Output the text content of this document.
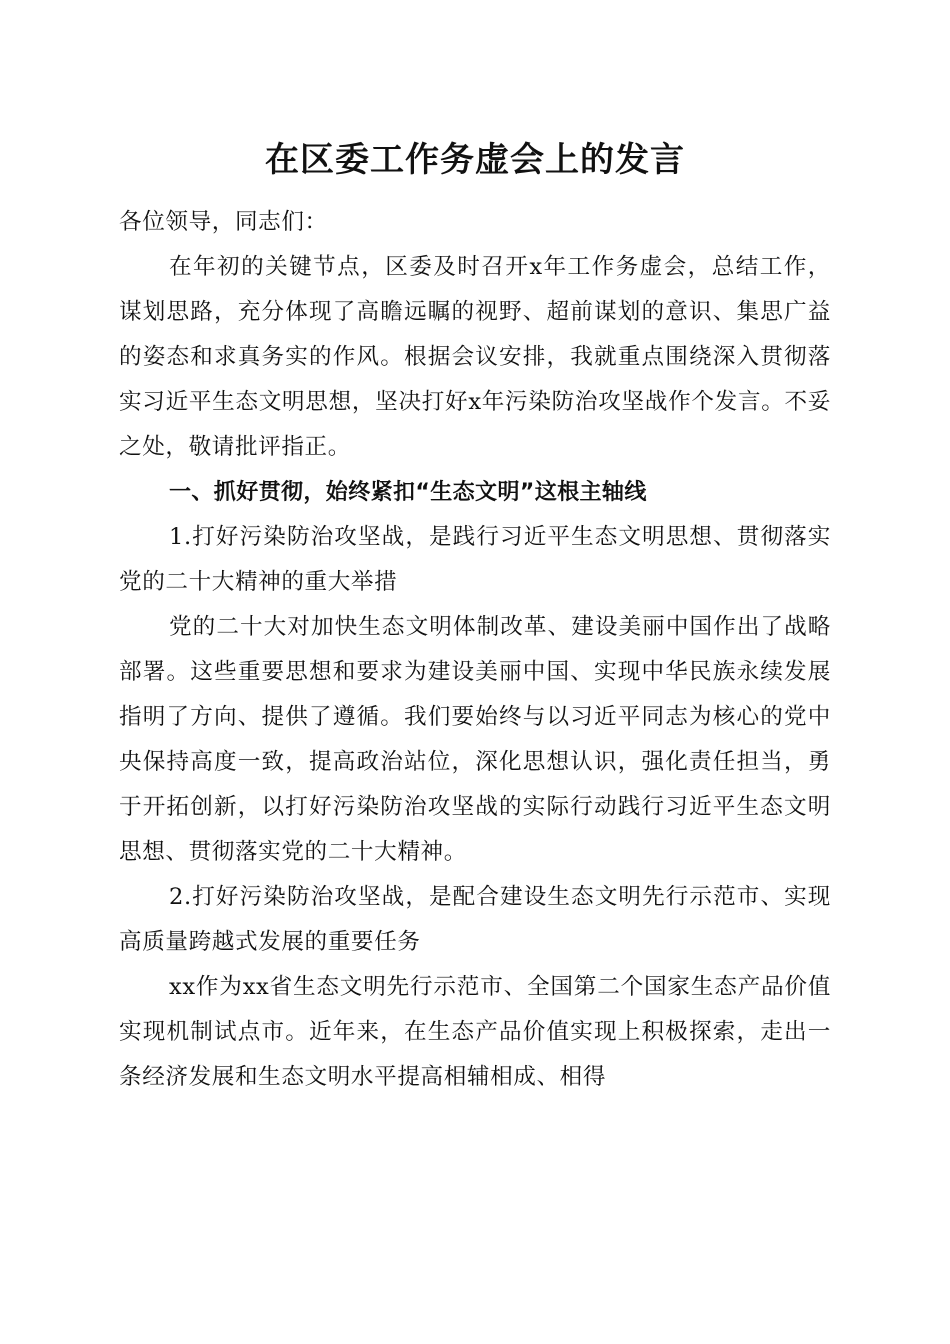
在区委工作务虚会上的发言

各位领导，同志们：

在年初的关键节点，区委及时召开x年工作务虚会，总结工作，谋划思路，充分体现了高瞻远瞩的视野、超前谋划的意识、集思广益的姿态和求真务实的作风。根据会议安排，我就重点围绕深入贯彻落实习近平生态文明思想，坚决打好x年污染防治攻坚战作个发言。不妥之处，敬请批评指正。

一、抓好贯彻，始终紧扣“生态文明”这根主轴线

1.打好污染防治攻坚战，是践行习近平生态文明思想、贯彻落实党的二十大精神的重大举措

党的二十大对加快生态文明体制改革、建设美丽中国作出了战略部署。这些重要思想和要求为建设美丽中国、实现中华民族永续发展指明了方向、提供了遵循。我们要始终与以习近平同志为核心的党中央保持高度一致，提高政治站位，深化思想认识，强化责任担当，勇于开拓创新，以打好污染防治攻坚战的实际行动践行习近平生态文明思想、贯彻落实党的二十大精神。

2.打好污染防治攻坚战，是配合建设生态文明先行示范市、实现高质量跨越式发展的重要任务

xx作为xx省生态文明先行示范市、全国第二个国家生态产品价值实现机制试点市。近年来，在生态产品价值实现上积极探索，走出一条经济发展和生态文明水平提高相辅相成、相得
